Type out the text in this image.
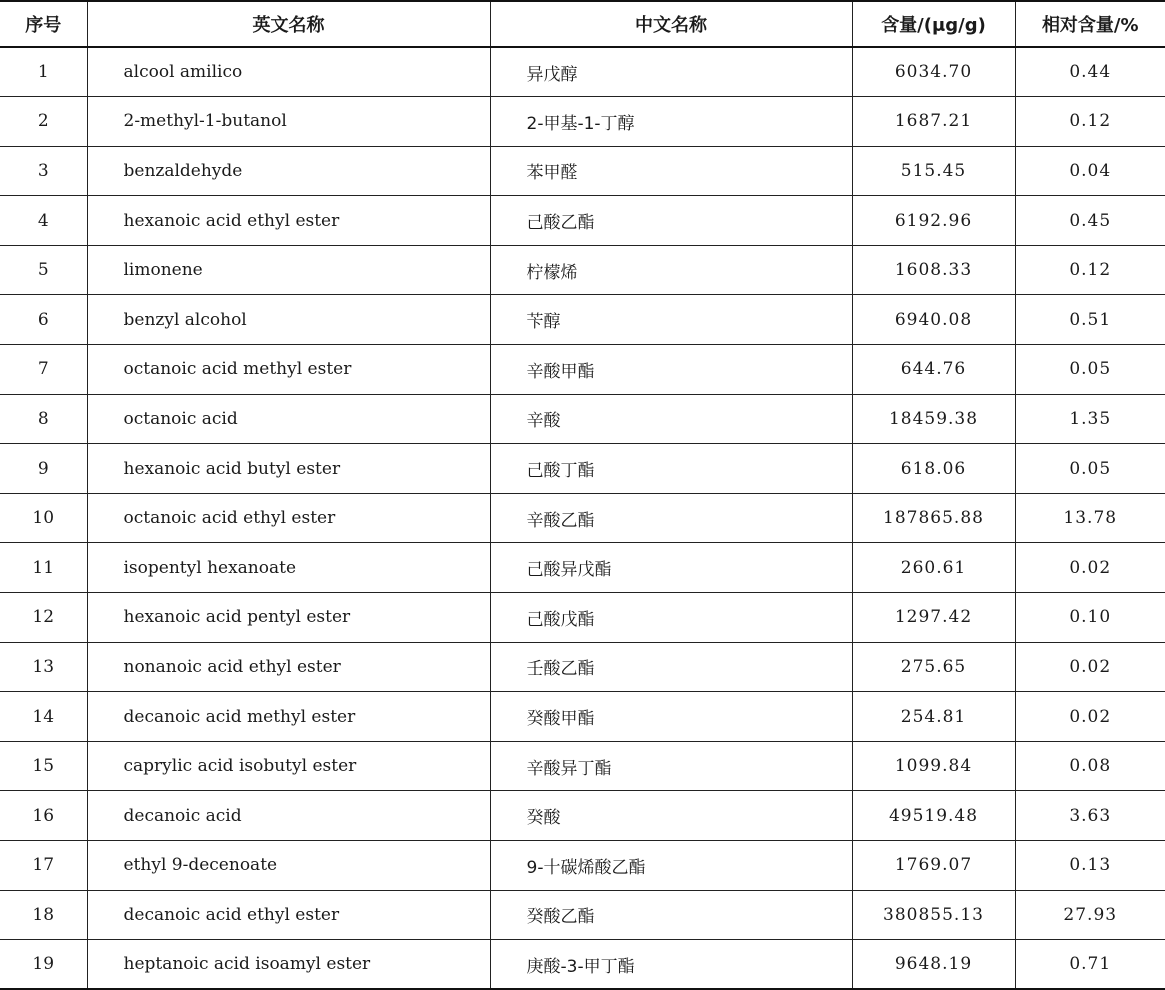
序号	英文名称	中文名称	含量/(μg/g)	相对含量/%
1	alcool amilico	异戊醇	6034.70	0.44
2	2-methyl-1-butanol	2-甲基-1-丁醇	1687.21	0.12
3	benzaldehyde	苯甲醛	515.45	0.04
4	hexanoic acid ethyl ester	己酸乙酯	6192.96	0.45
5	limonene	柠檬烯	1608.33	0.12
6	benzyl alcohol	苄醇	6940.08	0.51
7	octanoic acid methyl ester	辛酸甲酯	644.76	0.05
8	octanoic acid	辛酸	18459.38	1.35
9	hexanoic acid butyl ester	己酸丁酯	618.06	0.05
10	octanoic acid ethyl ester	辛酸乙酯	187865.88	13.78
11	isopentyl hexanoate	己酸异戊酯	260.61	0.02
12	hexanoic acid pentyl ester	己酸戊酯	1297.42	0.10
13	nonanoic acid ethyl ester	壬酸乙酯	275.65	0.02
14	decanoic acid methyl ester	癸酸甲酯	254.81	0.02
15	caprylic acid isobutyl ester	辛酸异丁酯	1099.84	0.08
16	decanoic acid	癸酸	49519.48	3.63
17	ethyl 9-decenoate	9-十碳烯酸乙酯	1769.07	0.13
18	decanoic acid ethyl ester	癸酸乙酯	380855.13	27.93
19	heptanoic acid isoamyl ester	庚酸-3-甲丁酯	9648.19	0.71
